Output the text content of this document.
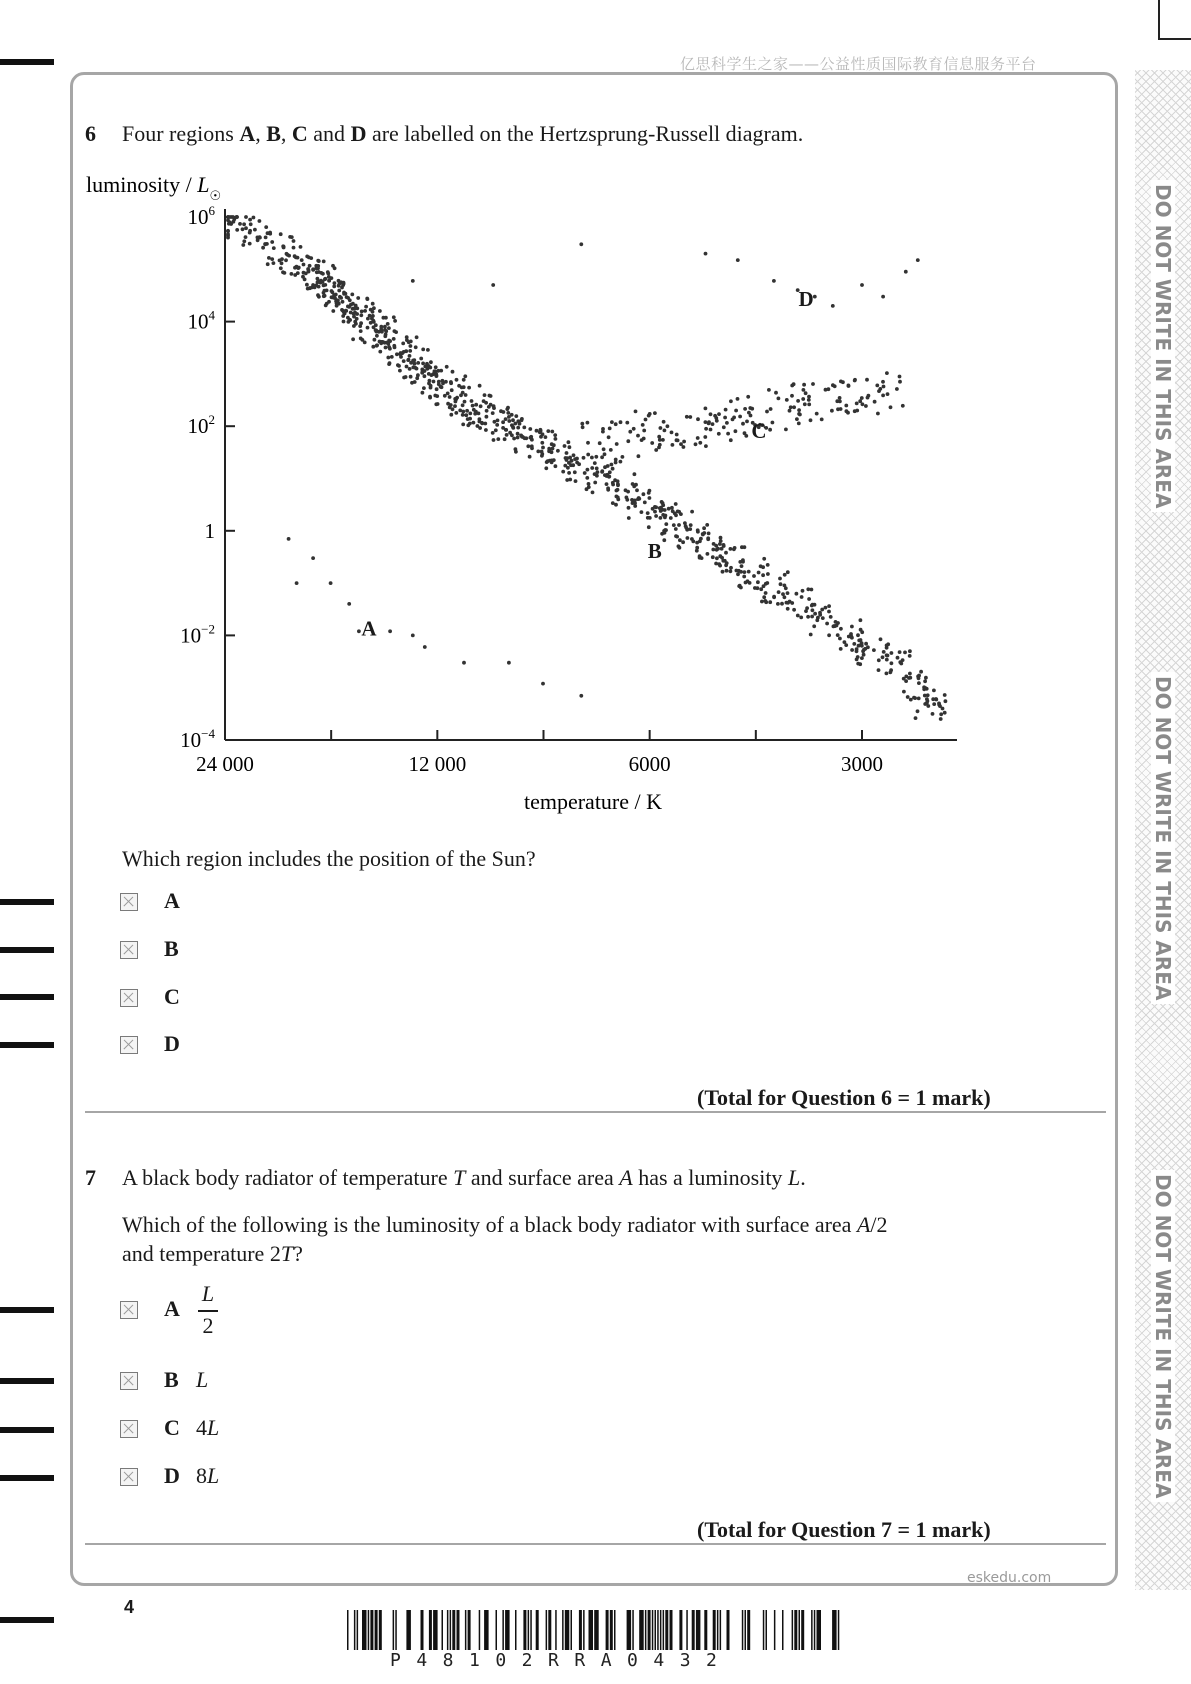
亿思科学生之家——公益性质国际教育信息服务平台
DO NOT WRITE IN THIS AREA
DO NOT WRITE IN THIS AREA
DO NOT WRITE IN THIS AREA
6 Four regions A, B, C and D are labelled on the Hertzsprung-Russell diagram.
luminosity / $L_☉$
$10^6$
$10^4$
$10^2$
1
$10^{-2}$
$10^{-4}$
24 000	12 000	6000	3000
A
B
C
D
temperature / K
Which region includes the position of the Sun?
A
B
C
D
(Total for Question 6 = 1 mark)
7 A black body radiator of temperature T and surface area A has a luminosity L.
Which of the following is the luminosity of a black body radiator with surface area A/2
and temperature 2T?
A
L
2
B L
C 4L
D 8L
(Total for Question 7 = 1 mark)
eskedu.com
4
P48102RRA0432
